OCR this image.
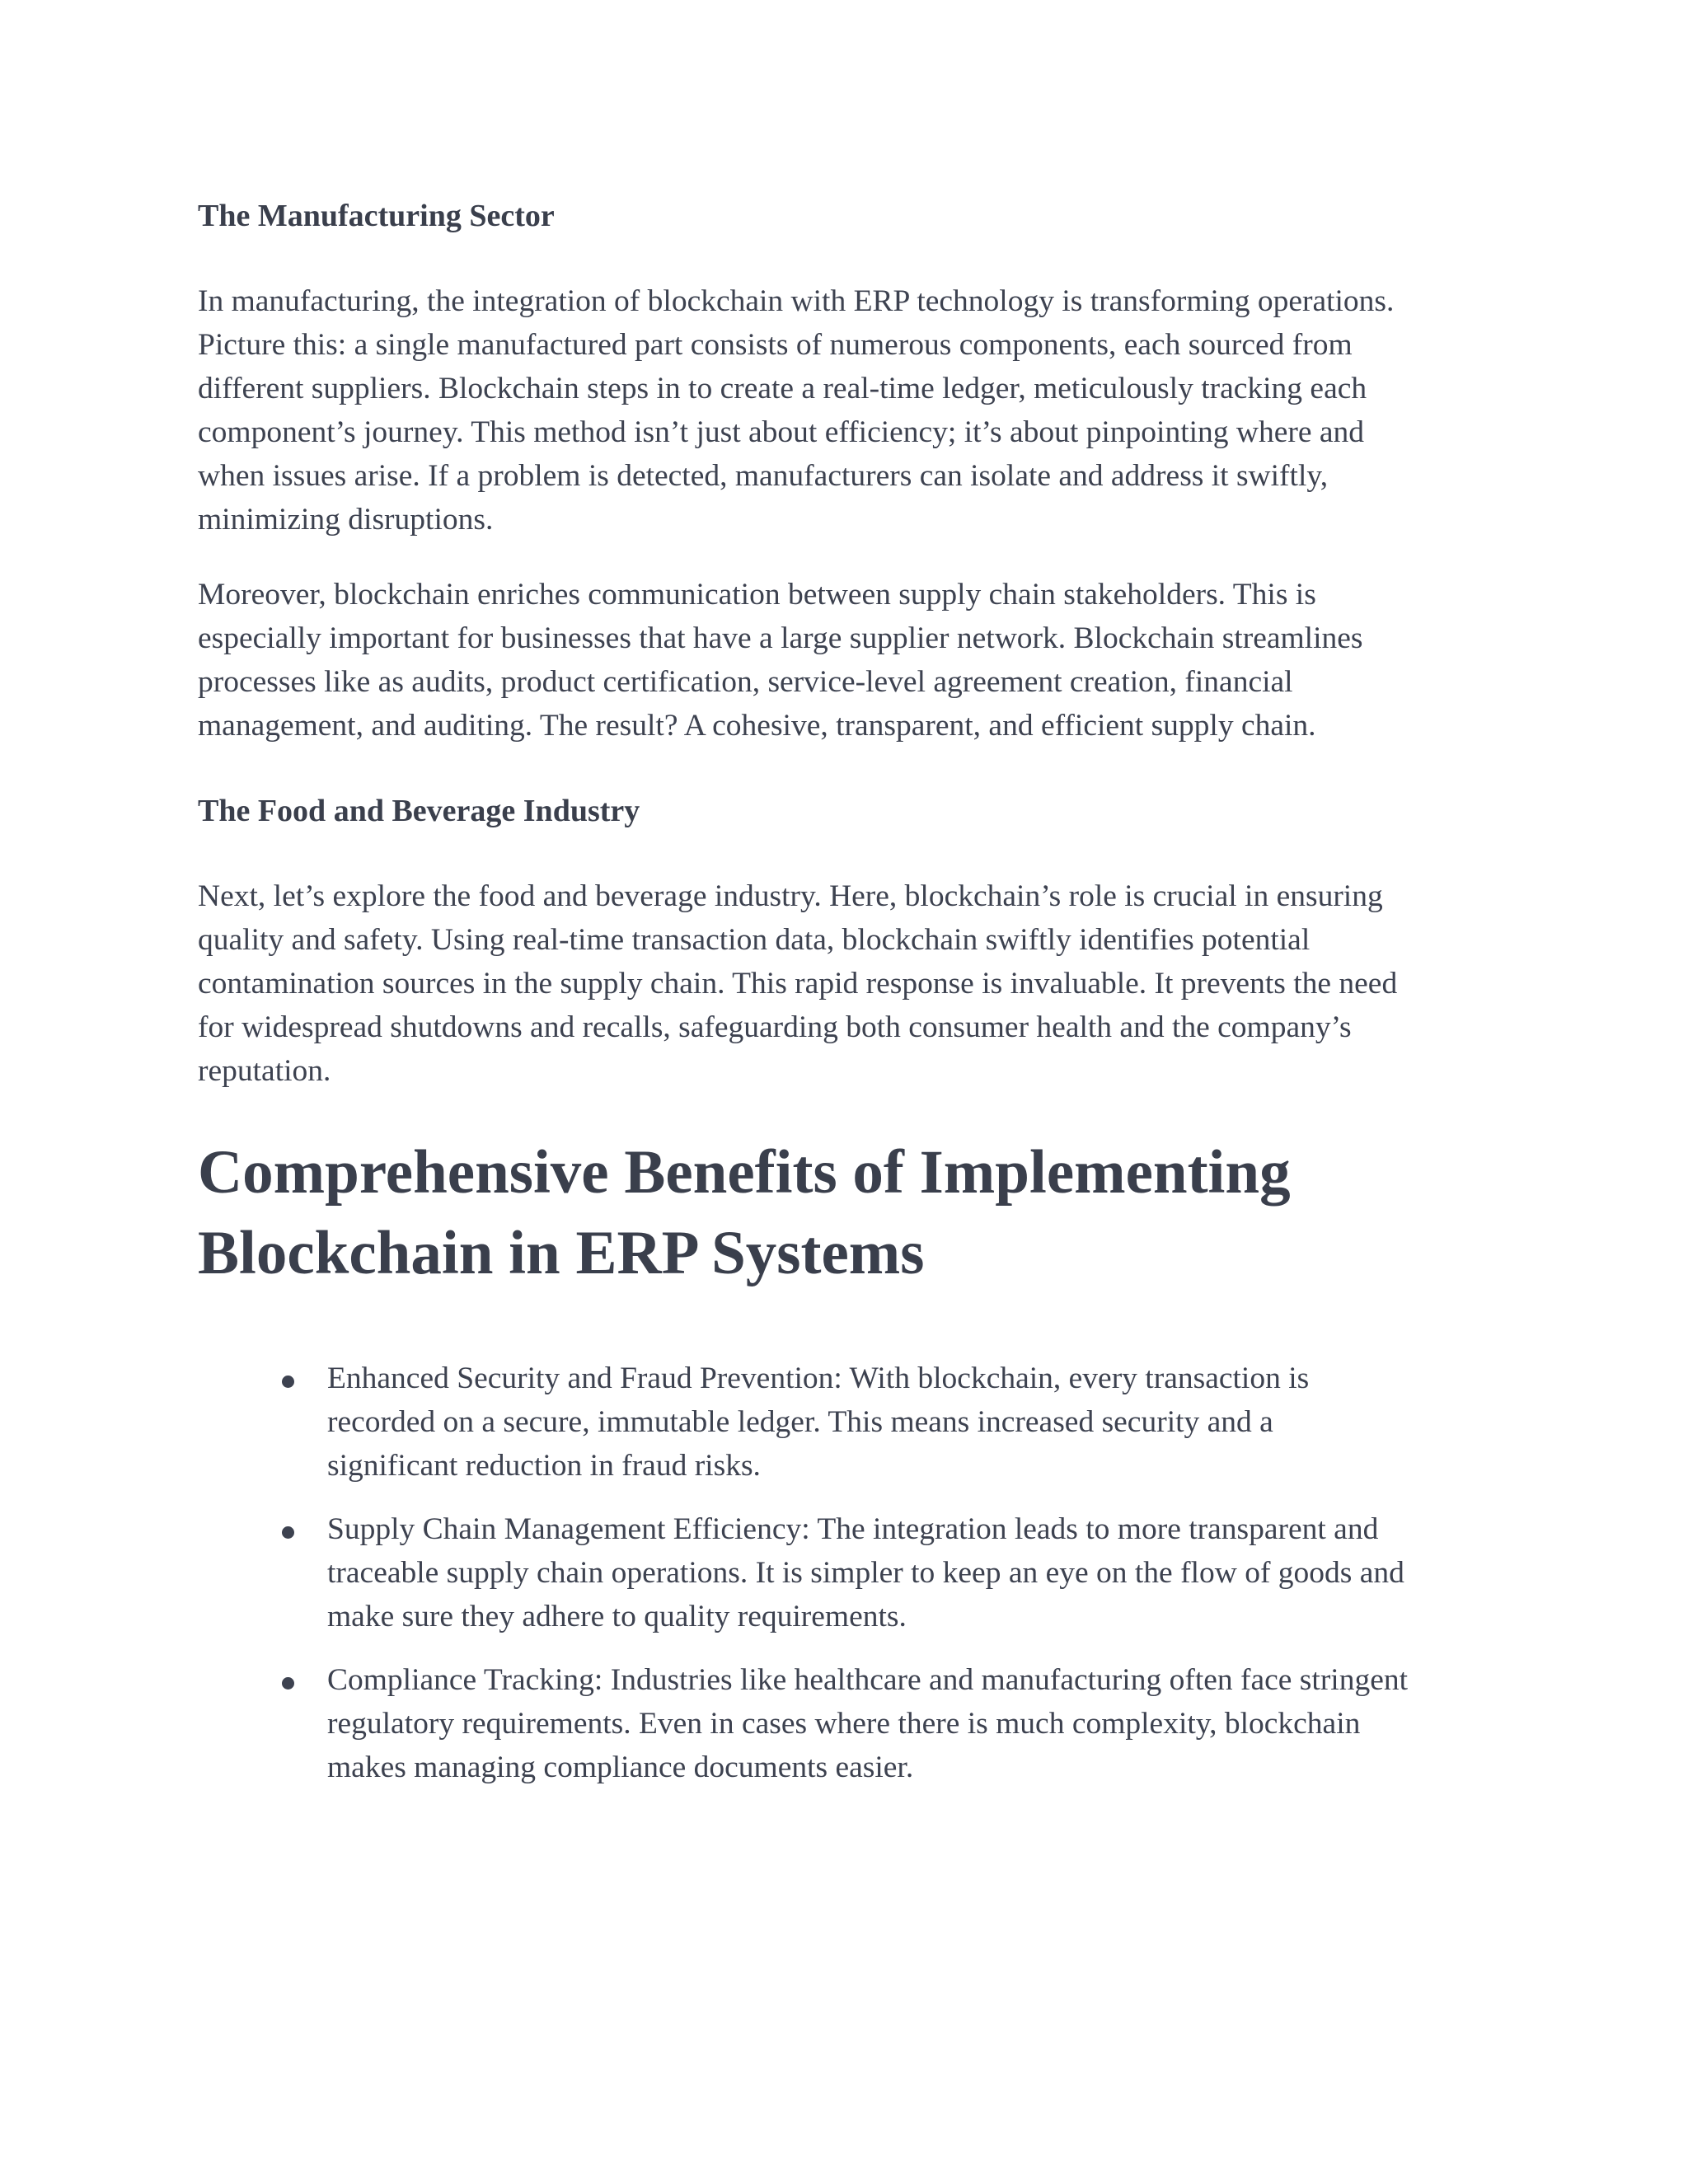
The Manufacturing Sector

In manufacturing, the integration of blockchain with ERP technology is transforming operations.
Picture this: a single manufactured part consists of numerous components, each sourced from
different suppliers. Blockchain steps in to create a real-time ledger, meticulously tracking each
component’s journey. This method isn’t just about efficiency; it’s about pinpointing where and
when issues arise. If a problem is detected, manufacturers can isolate and address it swiftly,
minimizing disruptions.

Moreover, blockchain enriches communication between supply chain stakeholders. This is
especially important for businesses that have a large supplier network. Blockchain streamlines
processes like as audits, product certification, service-level agreement creation, financial
management, and auditing. The result? A cohesive, transparent, and efficient supply chain.

The Food and Beverage Industry

Next, let’s explore the food and beverage industry. Here, blockchain’s role is crucial in ensuring
quality and safety. Using real-time transaction data, blockchain swiftly identifies potential
contamination sources in the supply chain. This rapid response is invaluable. It prevents the need
for widespread shutdowns and recalls, safeguarding both consumer health and the company’s
reputation.

Comprehensive Benefits of Implementing
Blockchain in ERP Systems
Enhanced Security and Fraud Prevention: With blockchain, every transaction is
recorded on a secure, immutable ledger. This means increased security and a
significant reduction in fraud risks.
Supply Chain Management Efficiency: The integration leads to more transparent and
traceable supply chain operations. It is simpler to keep an eye on the flow of goods and
make sure they adhere to quality requirements.
Compliance Tracking: Industries like healthcare and manufacturing often face stringent
regulatory requirements. Even in cases where there is much complexity, blockchain
makes managing compliance documents easier.
